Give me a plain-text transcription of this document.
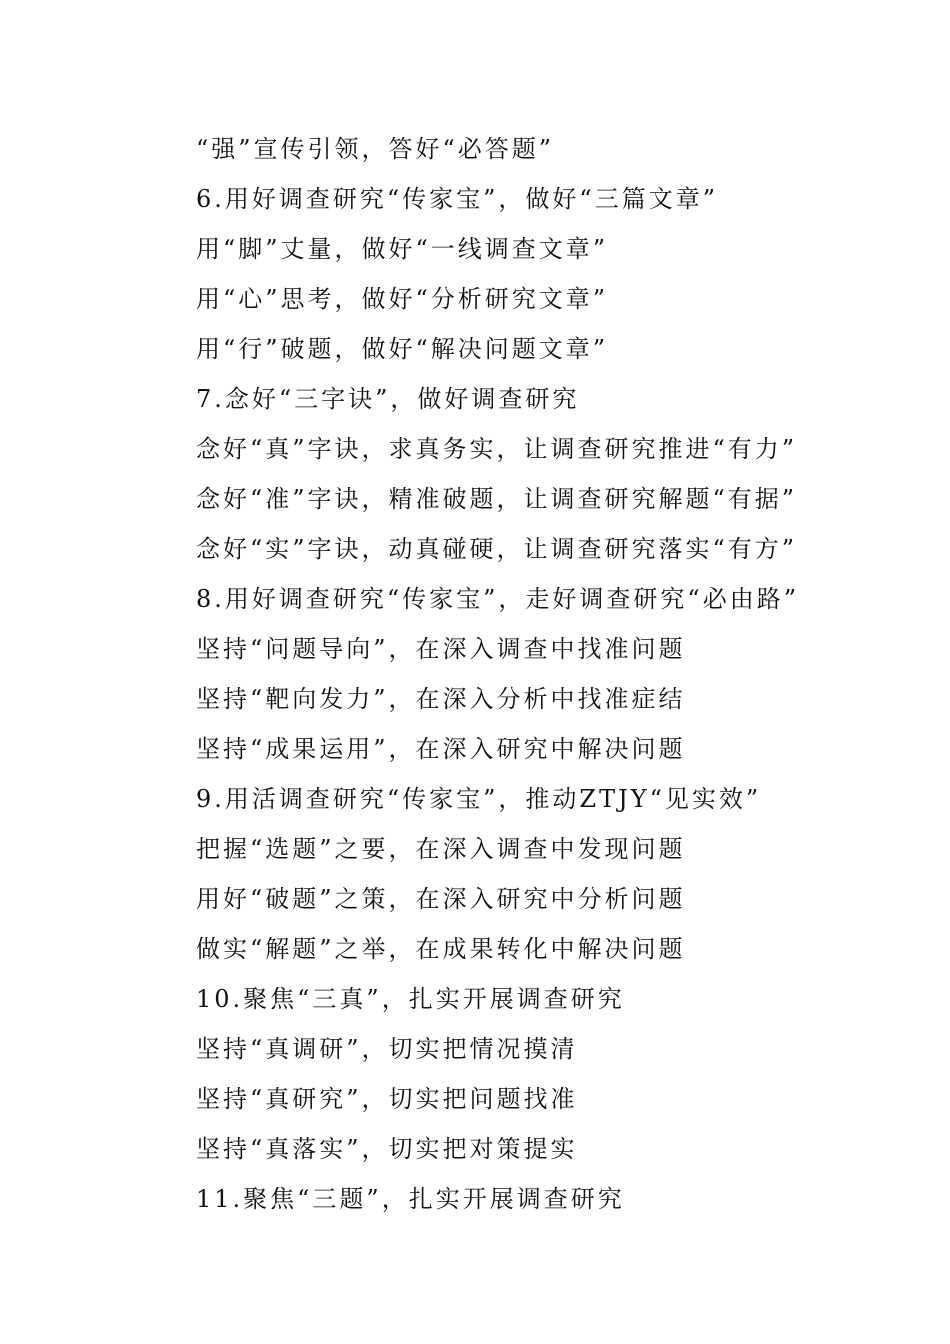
“强”宣传引领，答好“必答题”
6.用好调查研究“传家宝”，做好“三篇文章”
用“脚”丈量，做好“一线调查文章”
用“心”思考，做好“分析研究文章”
用“行”破题，做好“解决问题文章”
7.念好“三字诀”，做好调查研究
念好“真”字诀，求真务实，让调查研究推进“有力”
念好“准”字诀，精准破题，让调查研究解题“有据”
念好“实”字诀，动真碰硬，让调查研究落实“有方”
8.用好调查研究“传家宝”，走好调查研究“必由路”
坚持“问题导向”，在深入调查中找准问题
坚持“靶向发力”，在深入分析中找准症结
坚持“成果运用”，在深入研究中解决问题
9.用活调查研究“传家宝”，推动ZTJY“见实效”
把握“选题”之要，在深入调查中发现问题
用好“破题”之策，在深入研究中分析问题
做实“解题”之举，在成果转化中解决问题
10.聚焦“三真”，扎实开展调查研究
坚持“真调研”，切实把情况摸清
坚持“真研究”，切实把问题找准
坚持“真落实”，切实把对策提实
11.聚焦“三题”，扎实开展调查研究
